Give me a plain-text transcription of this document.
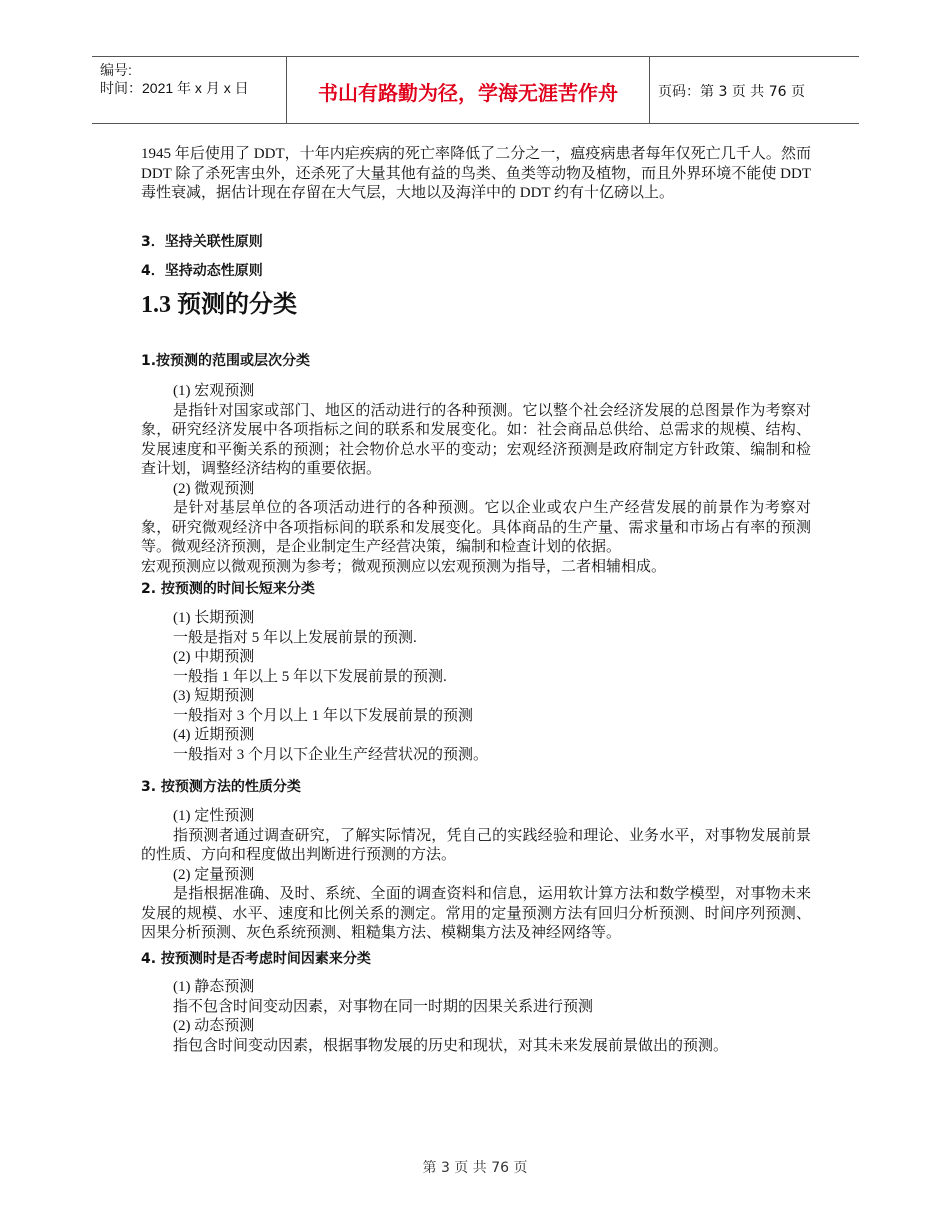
编号:
时间：2021 年 x 月 x 日	书山有路勤为径，学海无涯苦作舟	页码：第 3 页 共 76 页

1945 年后使用了 DDT，十年内疟疾病的死亡率降低了二分之一，瘟疫病患者每年仅死亡几千人。然而 DDT 除了杀死害虫外，还杀死了大量其他有益的鸟类、鱼类等动物及植物，而且外界环境不能使 DDT 毒性衰减，据估计现在存留在大气层，大地以及海洋中的 DDT 约有十亿磅以上。

3．坚持关联性原则

4．坚持动态性原则

1.3 预测的分类
1.按预测的范围或层次分类

(1) 宏观预测

是指针对国家或部门、地区的活动进行的各种预测。它以整个社会经济发展的总图景作为考察对象，研究经济发展中各项指标之间的联系和发展变化。如：社会商品总供给、总需求的规模、结构、发展速度和平衡关系的预测；社会物价总水平的变动；宏观经济预测是政府制定方针政策、编制和检查计划，调整经济结构的重要依据。

(2) 微观预测

是针对基层单位的各项活动进行的各种预测。它以企业或农户生产经营发展的前景作为考察对象，研究微观经济中各项指标间的联系和发展变化。具体商品的生产量、需求量和市场占有率的预测等。微观经济预测，是企业制定生产经营决策，编制和检查计划的依据。

宏观预测应以微观预测为参考；微观预测应以宏观预测为指导，二者相辅相成。

2. 按预测的时间长短来分类

(1) 长期预测

一般是指对 5 年以上发展前景的预测.

(2) 中期预测

一般指 1 年以上 5 年以下发展前景的预测.

(3) 短期预测

一般指对 3 个月以上 1 年以下发展前景的预测

(4) 近期预测

一般指对 3 个月以下企业生产经营状况的预测。

3. 按预测方法的性质分类

(1) 定性预测

指预测者通过调查研究，了解实际情况，凭自己的实践经验和理论、业务水平，对事物发展前景的性质、方向和程度做出判断进行预测的方法。

(2) 定量预测

是指根据准确、及时、系统、全面的调查资料和信息，运用软计算方法和数学模型，对事物未来发展的规模、水平、速度和比例关系的测定。常用的定量预测方法有回归分析预测、时间序列预测、因果分析预测、灰色系统预测、粗糙集方法、模糊集方法及神经网络等。

4. 按预测时是否考虑时间因素来分类

(1) 静态预测

指不包含时间变动因素，对事物在同一时期的因果关系进行预测

(2) 动态预测

指包含时间变动因素，根据事物发展的历史和现状，对其未来发展前景做出的预测。

第 3 页 共 76 页
